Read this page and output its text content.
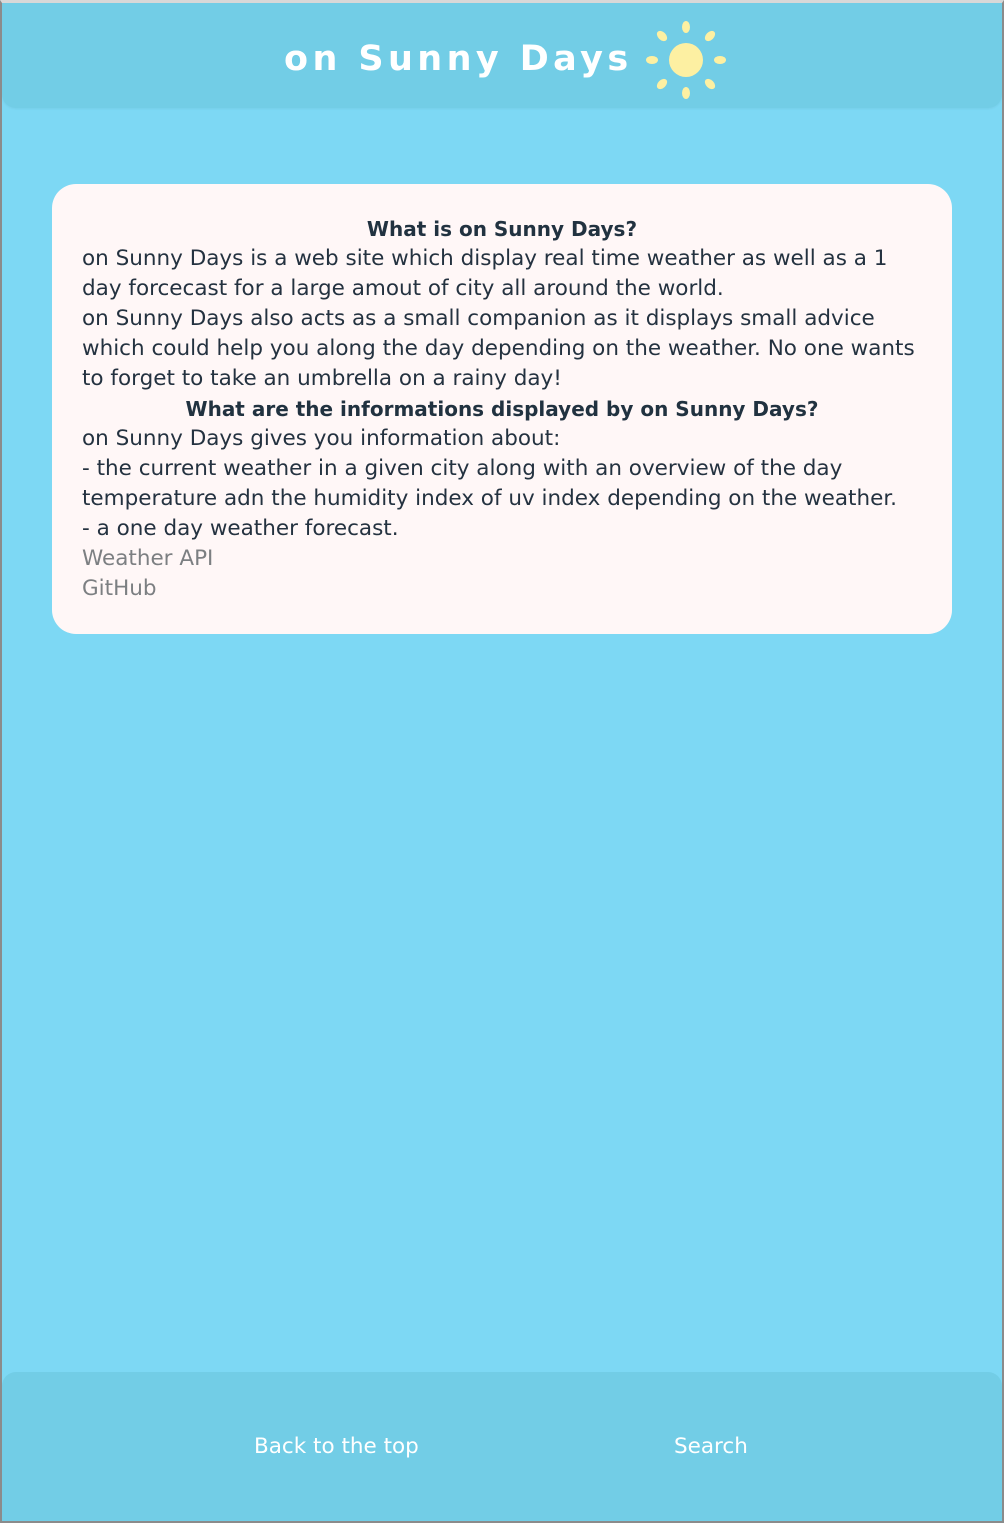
on Sunny Days
What is on Sunny Days?

on Sunny Days is a web site which display real time weather as well as a 1 day forcecast for a large amout of city all around the world.

on Sunny Days also acts as a small companion as it displays small advice which could help you along the day depending on the weather. No one wants to forget to take an umbrella on a rainy day!

What are the informations displayed by on Sunny Days?

on Sunny Days gives you information about:

- the current weather in a given city along with an overview of the day temperature adn the humidity index of uv index depending on the weather.

- a one day weather forecast.

Weather API
GitHub
Back to the top	Search
